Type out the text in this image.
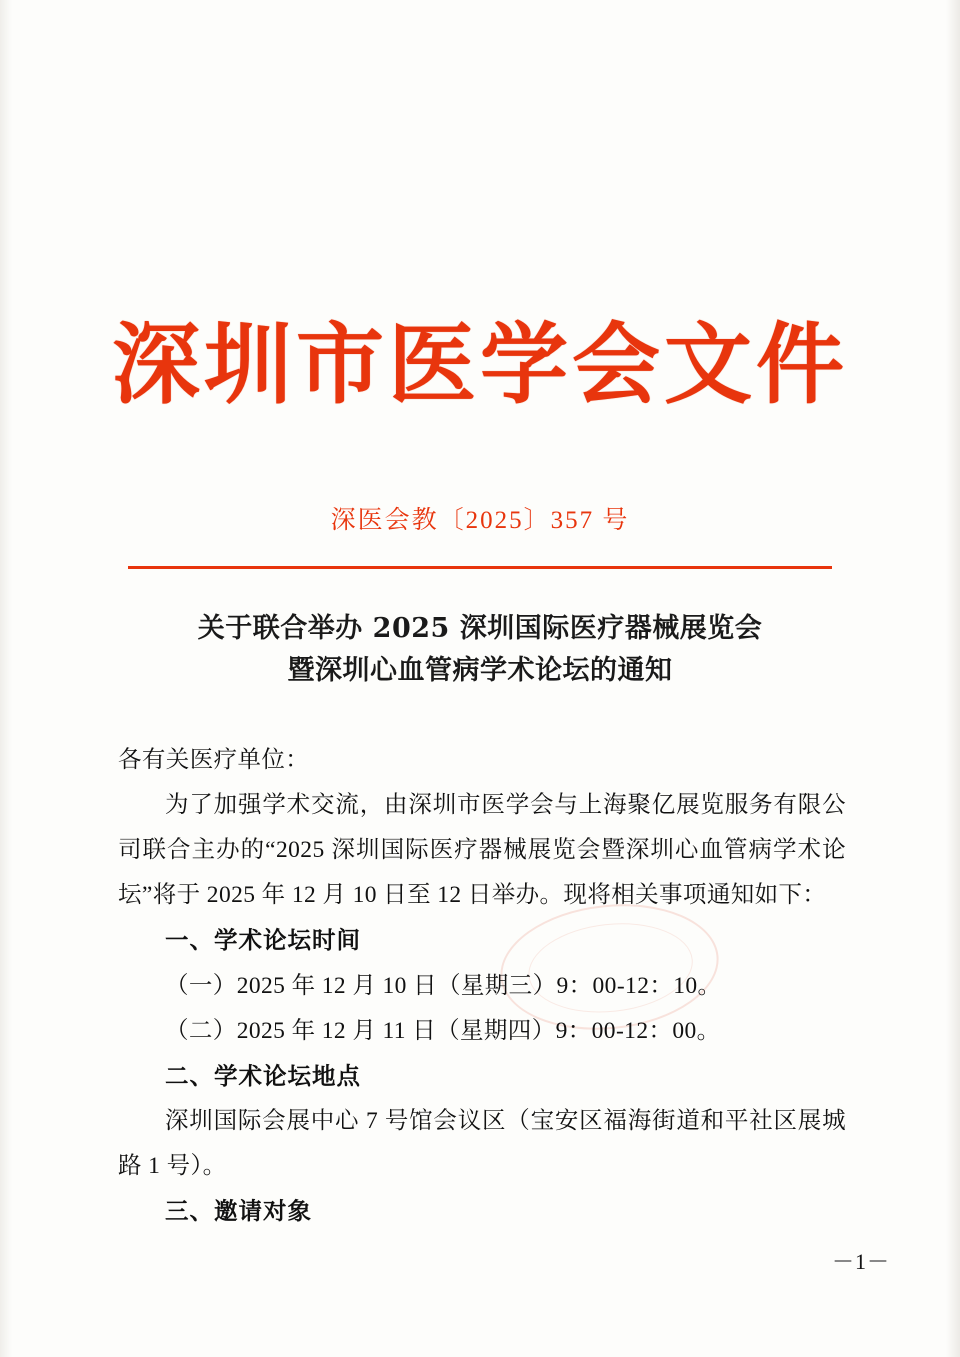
深圳市医学会文件
深医会教〔2025〕357 号
关于联合举办 2025 深圳国际医疗器械展览会
暨深圳心血管病学术论坛的通知

各有关医疗单位：

为了加强学术交流，由深圳市医学会与上海聚亿展览服务有限公司联合主办的“2025 深圳国际医疗器械展览会暨深圳心血管病学术论坛”将于 2025 年 12 月 10 日至 12 日举办。现将相关事项通知如下：

一、学术论坛时间

（一）2025 年 12 月 10 日（星期三）9：00-12：10。

（二）2025 年 12 月 11 日（星期四）9：00-12：00。

二、学术论坛地点

深圳国际会展中心 7 号馆会议区（宝安区福海街道和平社区展城路 1 号）。

三、邀请对象

－1－
